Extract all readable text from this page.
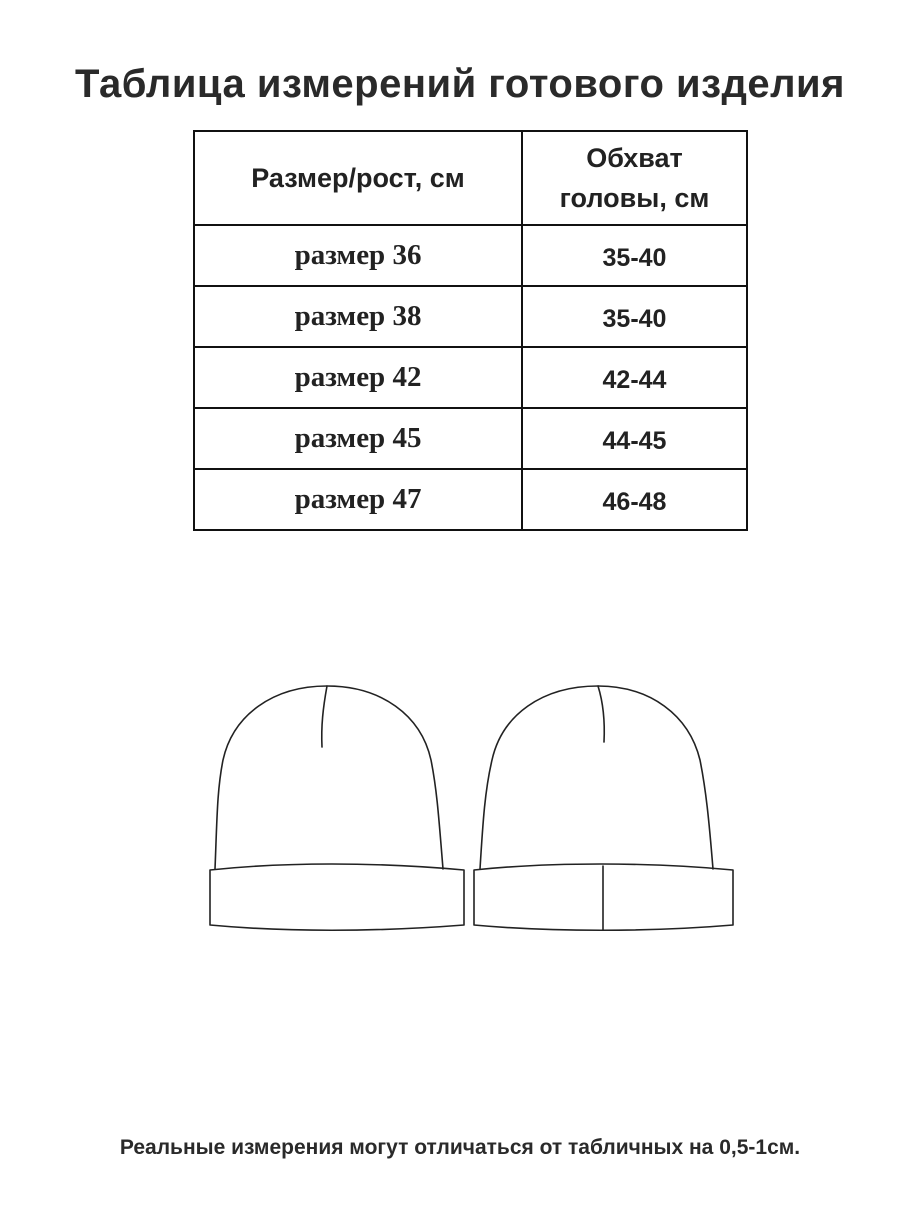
Таблица измерений готового изделия
Размер/рост, см	Обхват головы, см
размер 36	35-40
размер 38	35-40
размер 42	42-44
размер 45	44-45
размер 47	46-48

Реальные измерения могут отличаться от табличных на 0,5-1см.
